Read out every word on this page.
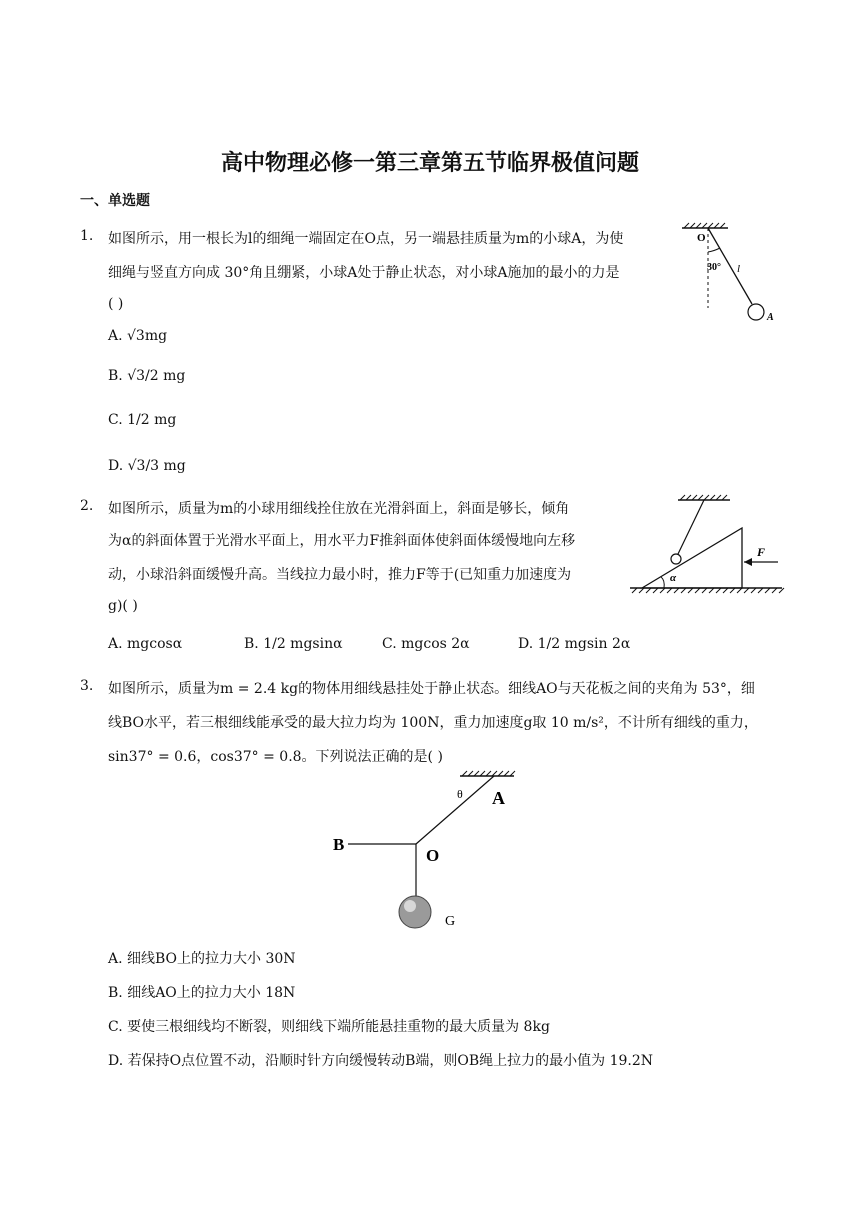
高中物理必修一第三章第五节临界极值问题
一、单选题
1. 如图所示，用一根长为l的细绳一端固定在O点，另一端悬挂质量为m的小球A，为使
细绳与竖直方向成 30°角且绷紧，小球A处于静止状态，对小球A施加的最小的力是
( )
A. √3mg
B. √3/2 mg
C. 1/2 mg
D. √3/3 mg
O
30° l
A
2. 如图所示，质量为m的小球用细线拴住放在光滑斜面上，斜面是够长，倾角
为α的斜面体置于光滑水平面上，用水平力F推斜面体使斜面体缓慢地向左移
动，小球沿斜面缓慢升高。当线拉力最小时，推力F等于(已知重力加速度为
g)( )
A. mgcosα	B. 1/2 mgsinα	C. mgcos 2α	D. 1/2 mgsin 2α
F
α
3. 如图所示，质量为m = 2.4 kg的物体用细线悬挂处于静止状态。细线AO与天花板之间的夹角为 53°，细
线BO水平，若三根细线能承受的最大拉力均为 100N，重力加速度g取 10 m/s²，不计所有细线的重力，
sin37° = 0.6，cos37° = 0.8。下列说法正确的是( )
θ A
B
O
G
A. 细线BO上的拉力大小 30N
B. 细线AO上的拉力大小 18N
C. 要使三根细线均不断裂，则细线下端所能悬挂重物的最大质量为 8kg
D. 若保持O点位置不动，沿顺时针方向缓慢转动B端，则OB绳上拉力的最小值为 19.2N
